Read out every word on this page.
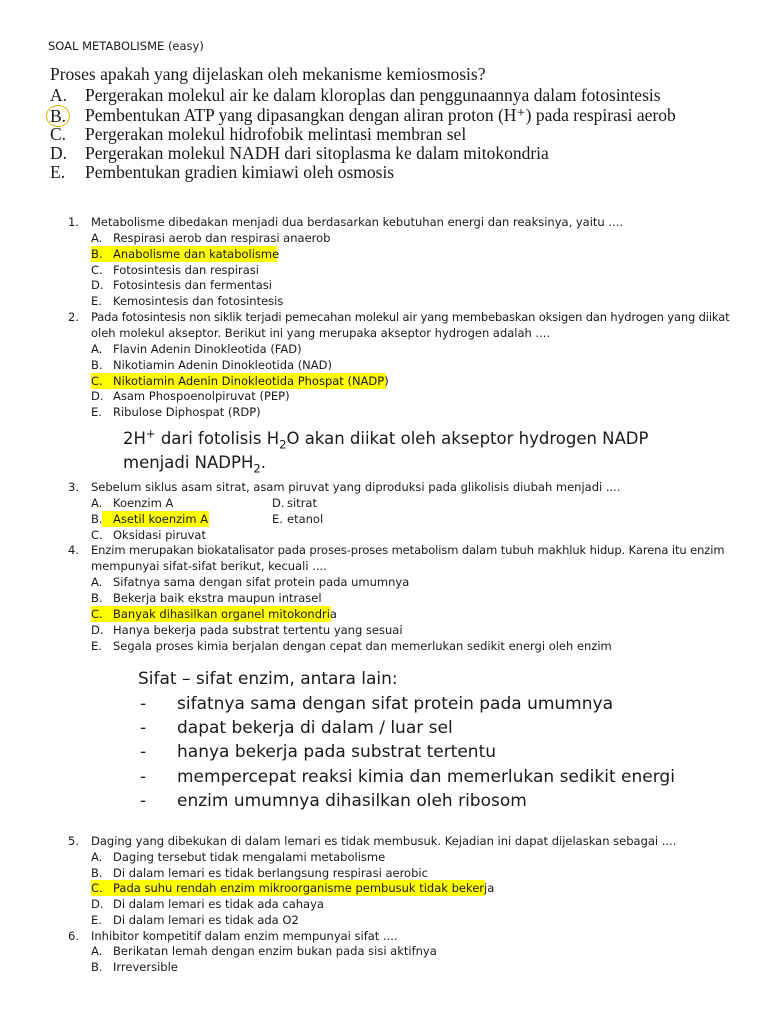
SOAL METABOLISME (easy)
Proses apakah yang dijelaskan oleh mekanisme kemiosmosis?
A. Pergerakan molekul air ke dalam kloroplas dan penggunaannya dalam fotosintesis
B. Pembentukan ATP yang dipasangkan dengan aliran proton (H⁺) pada respirasi aerob
C. Pergerakan molekul hidrofobik melintasi membran sel
D. Pergerakan molekul NADH dari sitoplasma ke dalam mitokondria
E. Pembentukan gradien kimiawi oleh osmosis
1. Metabolisme dibedakan menjadi dua berdasarkan kebutuhan energi dan reaksinya, yaitu ....
A. Respirasi aerob dan respirasi anaerob
B. Anabolisme dan katabolisme
C. Fotosintesis dan respirasi
D. Fotosintesis dan fermentasi
E. Kemosintesis dan fotosintesis
2. Pada fotosintesis non siklik terjadi pemecahan molekul air yang membebaskan oksigen dan hydrogen yang diikat
oleh molekul akseptor. Berikut ini yang merupaka akseptor hydrogen adalah ....
A. Flavin Adenin Dinokleotida (FAD)
B. Nikotiamin Adenin Dinokleotida (NAD)
C. Nikotiamin Adenin Dinokleotida Phospat (NADP)
D. Asam Phospoenolpiruvat (PEP)
E. Ribulose Diphospat (RDP)
2H+ dari fotolisis $H_2O$ akan diikat oleh akseptor hydrogen NADP
menjadi $NADPH_2$.
3. Sebelum siklus asam sitrat, asam piruvat yang diproduksi pada glikolisis diubah menjadi ....
A. Koenzim A	D. sitrat
B. Asetil koenzim A	E. etanol
C. Oksidasi piruvat
4. Enzim merupakan biokatalisator pada proses-proses metabolism dalam tubuh makhluk hidup. Karena itu enzim
mempunyai sifat-sifat berikut, kecuali ....
A. Sifatnya sama dengan sifat protein pada umumnya
B. Bekerja baik ekstra maupun intrasel
C. Banyak dihasilkan organel mitokondria
D. Hanya bekerja pada substrat tertentu yang sesuai
E. Segala proses kimia berjalan dengan cepat dan memerlukan sedikit energi oleh enzim
Sifat – sifat enzim, antara lain:
- sifatnya sama dengan sifat protein pada umumnya
- dapat bekerja di dalam / luar sel
- hanya bekerja pada substrat tertentu
- mempercepat reaksi kimia dan memerlukan sedikit energi
- enzim umumnya dihasilkan oleh ribosom
5. Daging yang dibekukan di dalam lemari es tidak membusuk. Kejadian ini dapat dijelaskan sebagai ....
A. Daging tersebut tidak mengalami metabolisme
B. Di dalam lemari es tidak berlangsung respirasi aerobic
C. Pada suhu rendah enzim mikroorganisme pembusuk tidak bekerja
D. Di dalam lemari es tidak ada cahaya
E. Di dalam lemari es tidak ada O2
6. Inhibitor kompetitif dalam enzim mempunyai sifat ....
A. Berikatan lemah dengan enzim bukan pada sisi aktifnya
B. Irreversible
